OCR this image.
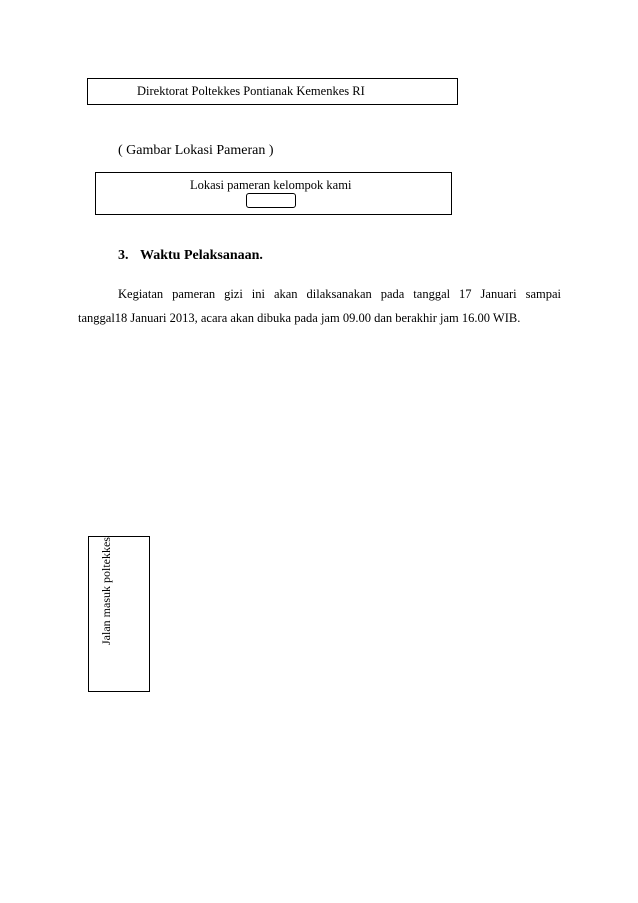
Direktorat Poltekkes Pontianak Kemenkes RI
( Gambar Lokasi Pameran )
Lokasi pameran kelompok kami
3. Waktu Pelaksanaan.
Kegiatan pameran gizi ini akan dilaksanakan pada tanggal 17 Januari sampai
tanggal18 Januari 2013, acara akan dibuka pada jam 09.00 dan berakhir jam 16.00 WIB.
Jalan masuk poltekkes
